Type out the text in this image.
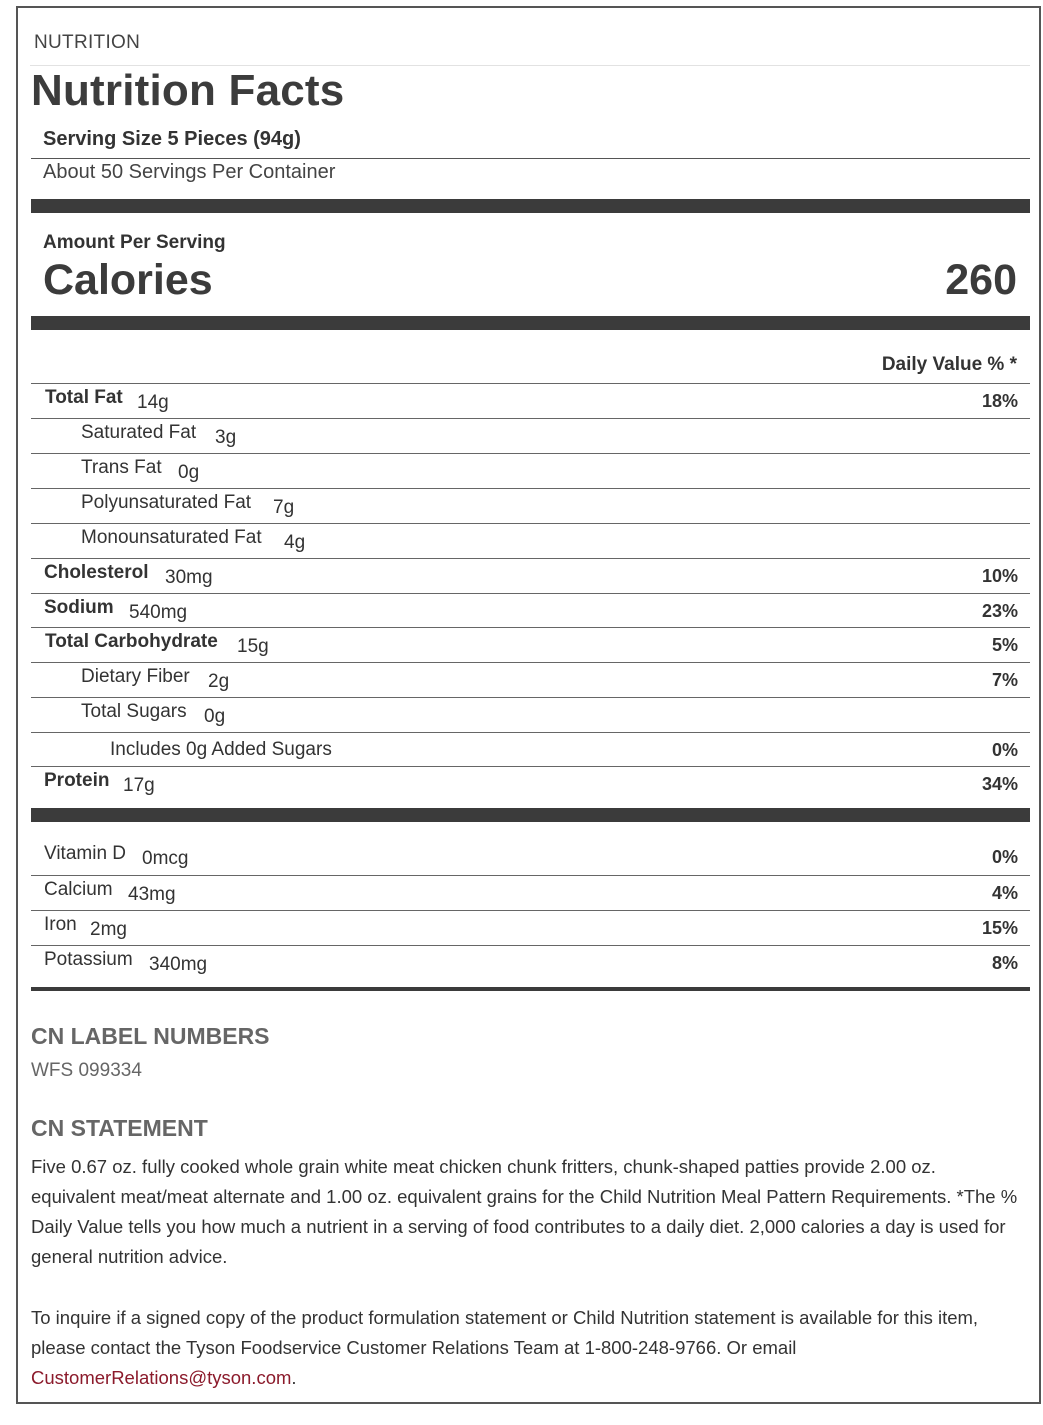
NUTRITION
Nutrition Facts
Serving Size 5 Pieces (94g)
About 50 Servings Per Container
Amount Per Serving
Calories	260
Daily Value % *
Total Fat 14g	18%
Saturated Fat 3g
Trans Fat 0g
Polyunsaturated Fat 7g
Monounsaturated Fat 4g
Cholesterol 30mg	10%
Sodium 540mg	23%
Total Carbohydrate 15g	5%
Dietary Fiber 2g	7%
Total Sugars 0g
Includes 0g Added Sugars	0%
Protein 17g	34%
Vitamin D 0mcg	0%
Calcium 43mg	4%
Iron 2mg	15%
Potassium 340mg	8%
CN LABEL NUMBERS
WFS 099334
CN STATEMENT
Five 0.67 oz. fully cooked whole grain white meat chicken chunk fritters, chunk-shaped patties provide 2.00 oz. equivalent meat/meat alternate and 1.00 oz. equivalent grains for the Child Nutrition Meal Pattern Requirements. *The % Daily Value tells you how much a nutrient in a serving of food contributes to a daily diet. 2,000 calories a day is used for general nutrition advice.
To inquire if a signed copy of the product formulation statement or Child Nutrition statement is available for this item, please contact the Tyson Foodservice Customer Relations Team at 1-800-248-9766. Or email CustomerRelations@tyson.com.
